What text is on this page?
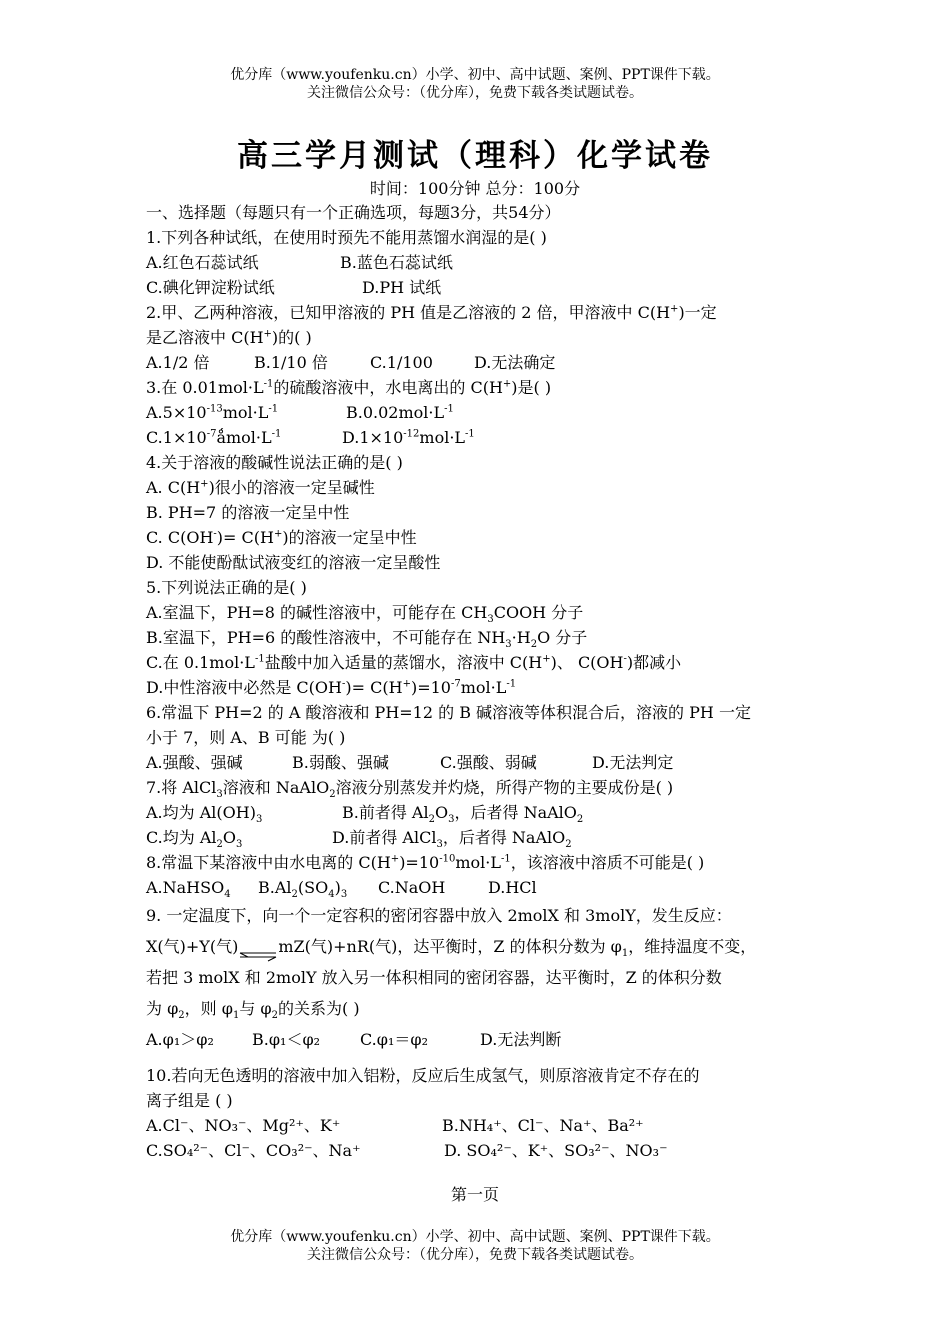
优分库（www.youfenku.cn）小学、初中、高中试题、案例、PPT课件下载。
关注微信公众号：（优分库），免费下载各类试题试卷。
高三学月测试（理科）化学试卷
时间：100分钟 总分：100分
一、选择题（每题只有一个正确选项，每题3分，共54分）
1.下列各种试纸，在使用时预先不能用蒸馏水润湿的是( )
A.红色石蕊试纸	B.蓝色石蕊试纸
C.碘化钾淀粉试纸	D.PH 试纸
2.甲、乙两种溶液，已知甲溶液的 PH 值是乙溶液的 2 倍，甲溶液中 C(H+)一定
是乙溶液中 C(H+)的( )
A.1/2 倍	B.1/10 倍	C.1/100	D.无法确定
3.在 $0.01mol\cdot L^{-1}$的硫酸溶液中，水电离出的 C(H+)是( )
$A.5\times 10^{-13}mol\cdot L^{-1}$	$B.0.02mol\cdot L^{-1}$
$C.1\times 10^{-7}ǻmol\cdot L^{-1}$	$D.1\times 10^{-12}mol\cdot L^{-1}$
4.关于溶液的酸碱性说法正确的是( )
A. C(H+)很小的溶液一定呈碱性
B. PH=7 的溶液一定呈中性
C. C(OH-)= C(H+)的溶液一定呈中性
D. 不能使酚酞试液变红的溶液一定呈酸性
5.下列说法正确的是( )
A.室温下，PH=8 的碱性溶液中，可能存在 $CH_3COOH$ 分子
B.室温下，PH=6 的酸性溶液中，不可能存在 $NH_3\cdot H_2O$ 分子
C.在 $0.1mol\cdot L^{-1}$盐酸中加入适量的蒸馏水，溶液中 C(H+)、 C(OH-)都减小
D.中性溶液中必然是 $C(OH^-)= C(H^+)=10^{-7}mol\cdot L^{-1}$
6.常温下 PH=2 的 A 酸溶液和 PH=12 的 B 碱溶液等体积混合后，溶液的 PH 一定
小于 7，则 A、B 可能 为( )
A.强酸、强碱	B.弱酸、强碱	C.强酸、弱碱	D.无法判定
7.将 AlCl$_3$溶液和 NaAlO$_2$溶液分别蒸发并灼烧，所得产物的主要成份是( )
A.均为 $Al(OH)_3$	B.前者得 $Al_2O_3$，后者得 NaAlO$_2$
C.均为 $Al_2O_3$	D.前者得 AlCl$_3$，后者得 NaAlO$_2$
8.常温下某溶液中由水电离的 $C(H^+)=10^{-10}mol\cdot L^{-1}$，该溶液中溶质不可能是( )
A.NaHSO$_4$ $B.Al_2(SO_4)_3$ C.NaOH	D.HCl
9. 一定温度下，向一个一定容积的密闭容器中放入 2molX 和 3molY，发生反应：
X(气)+Y(气)⇌mZ(气)+nR(气)，达平衡时，Z 的体积分数为 $\varphi_1$，维持温度不变，
若把 3 molX 和 2molY 放入另一体积相同的密闭容器，达平衡时，Z 的体积分数
为 $\varphi_2$，则 $\varphi_1$与 $\varphi_2$的关系为( )
A.φ₁＞φ₂ B.φ₁＜φ₂ C.φ₁＝φ₂	D.无法判断
10.若向无色透明的溶液中加入铝粉，反应后生成氢气，则原溶液肯定不存在的
离子组是 ( )
A.Cl⁻、NO₃⁻、Mg²⁺、K⁺	B.NH₄⁺、Cl⁻、Na⁺、Ba²⁺
C.SO₄²⁻、Cl⁻、CO₃²⁻、Na⁺	D. SO₄²⁻、K⁺、SO₃²⁻、NO₃⁻
第一页
优分库（www.youfenku.cn）小学、初中、高中试题、案例、PPT课件下载。
关注微信公众号：（优分库），免费下载各类试题试卷。
